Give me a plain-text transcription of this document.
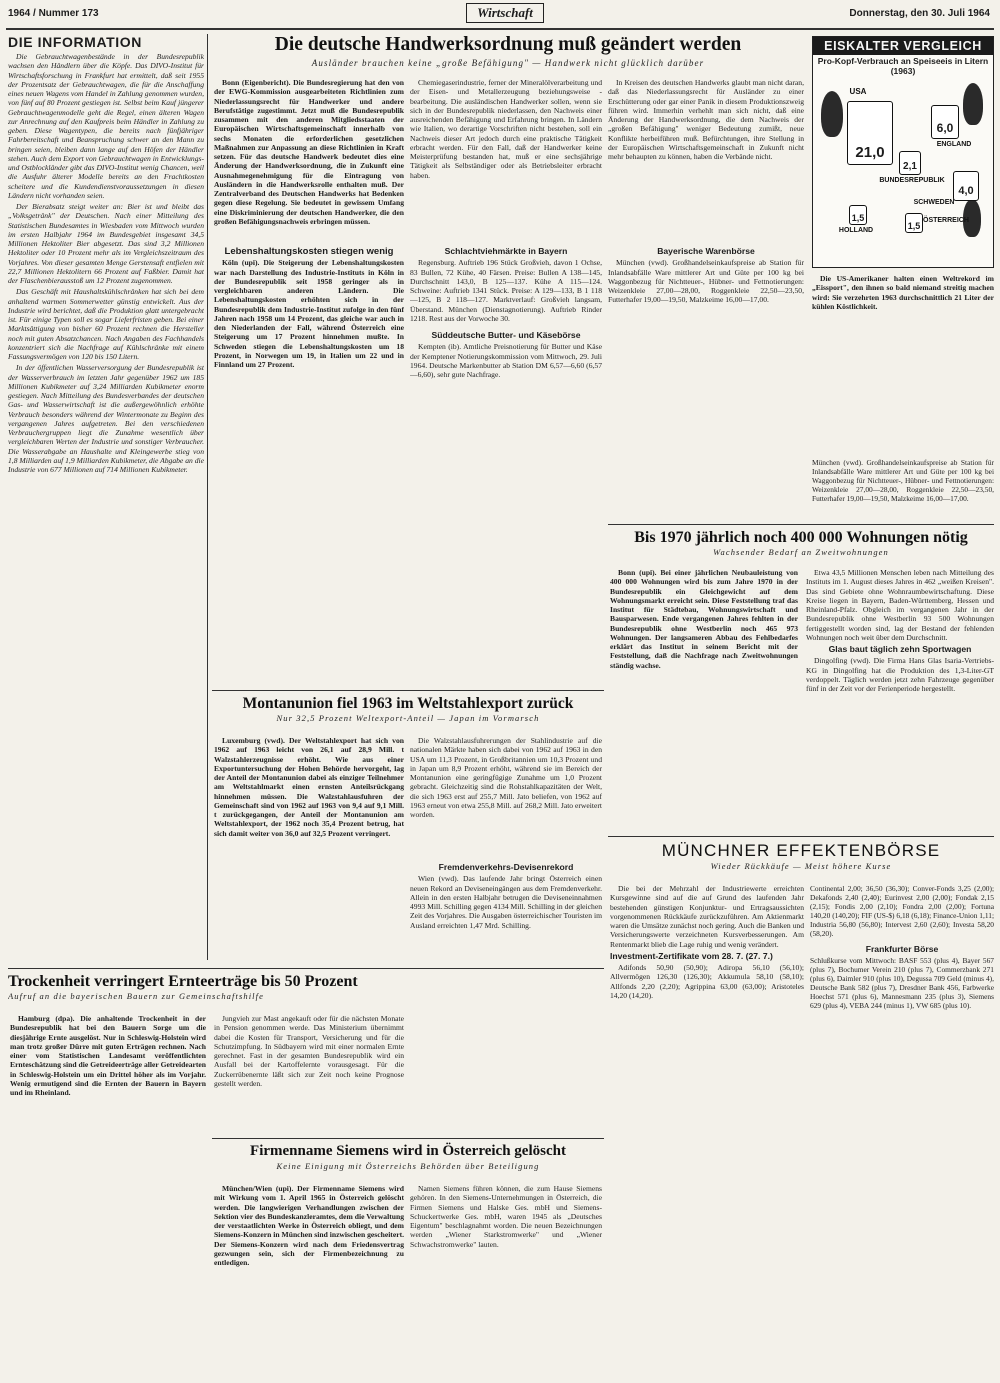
1964 / Nummer 173	Wirtschaft	Donnerstag, den 30. Juli 1964
DIE INFORMATION

Die Gebrauchtwagenbestände in der Bundesrepublik wachsen den Händlern über die Köpfe. Das DIVO-Institut für Wirtschaftsforschung in Frankfurt hat ermittelt, daß seit 1955 der Prozentsatz der Gebrauchtwagen, die für die Anschaffung eines neuen Wagens vom Handel in Zahlung genommen wurden, von fünf auf 80 Prozent gestiegen ist. Selbst beim Kauf jüngerer Gebrauchtwagenmodelle geht die Regel, einen älteren Wagen zur Anrechnung auf den Kaufpreis beim Händler in Zahlung zu geben. Diese Wagentypen, die bereits nach fünfjähriger Fahrbereitschaft und Beanspruchung schwer an den Mann zu bringen seien, bleiben dann lange auf den Höfen der Händler stehen. Auch dem Export von Gebrauchtwagen in Entwicklungs- und Ostblockländer gibt das DIVO-Institut wenig Chancen, weil die Ausfuhr älterer Modelle bereits an den Frachtkosten scheitere und die Kundendienstvoraussetzungen in diesen Ländern nicht vorhanden seien.

Der Bierabsatz steigt weiter an: Bier ist und bleibt das „Volksgetränk" der Deutschen. Nach einer Mitteilung des Statistischen Bundesamtes in Wiesbaden vom Mittwoch wurden im ersten Halbjahr 1964 im Bundesgebiet insgesamt 34,5 Millionen Hektoliter Bier abgesetzt. Das sind 3,2 Millionen Hektoliter oder 10 Prozent mehr als im Vergleichszeitraum des Vorjahres. Von dieser gesamten Menge Gerstensaft entfielen mit 22,7 Millionen Hektolitern 66 Prozent auf Faßbier. Damit hat der Flaschenbierausstoß um 12 Prozent zugenommen.

Das Geschäft mit Haushaltskühlschränken hat sich bei dem anhaltend warmen Sommerwetter günstig entwickelt. Aus der Industrie wird berichtet, daß die Produktion glatt untergebracht ist. Für einige Typen soll es sogar Lieferfristen geben. Bei einer Marktsättigung von bisher 60 Prozent rechnen die Hersteller noch mit guten Absatzchancen. Nach Angaben des Fachhandels konzentriert sich die Nachfrage auf Kühlschränke mit einem Fassungsvermögen von 120 bis 150 Litern.

In der öffentlichen Wasserversorgung der Bundesrepublik ist der Wasserverbrauch im letzten Jahr gegenüber 1962 um 185 Millionen Kubikmeter auf 3,24 Milliarden Kubikmeter enorm gestiegen. Nach Mitteilung des Bundesverbandes der deutschen Gas- und Wasserwirtschaft ist die außergewöhnlich erhöhte Verbrauch besonders während der Wintermonate zu Beginn des vergangenen Jahres aufgetreten. Bei den verschiedenen Verbrauchergruppen liegt die Zunahme wesentlich über vergleichbaren Werten der Industrie und sonstiger Verbraucher. Die Wasserabgabe an Haushalte und Kleingewerbe stieg von 1,8 Milliarden auf 1,9 Milliarden Kubikmeter, die Abgabe an die Industrie von 677 Millionen auf 714 Millionen Kubikmeter.

Die deutsche Handwerksordnung muß geändert werden
Ausländer brauchen keine „große Befähigung" — Handwerk nicht glücklich darüber

Bonn (Eigenbericht). Die Bundesregierung hat den von der EWG-Kommission ausgearbeiteten Richtlinien zum Niederlassungsrecht für Handwerker und andere Berufstätige zugestimmt. Jetzt muß die Bundesrepublik zusammen mit den anderen Mitgliedsstaaten der Europäischen Wirtschaftsgemeinschaft innerhalb von sechs Monaten die erforderlichen gesetzlichen Maßnahmen zur Anpassung an diese Richtlinien in Kraft setzen. Für das deutsche Handwerk bedeutet dies eine Änderung der Handwerksordnung, die in Zukunft eine Ausnahmegenehmigung für die Eintragung von Ausländern in die Handwerksrolle enthalten muß. Der Zentralverband des Deutschen Handwerks hat Bedenken gegen diese Regelung. Sie bedeutet in gewissem Umfang eine Diskriminierung der deutschen Handwerker, die den großen Befähigungsnachweis erbringen müssen.

Chemiegaserindustrie, ferner der Mineralölverarbeitung und der Eisen- und Metallerzeugung beziehungsweise -bearbeitung. Die ausländischen Handwerker sollen, wenn sie sich in der Bundesrepublik niederlassen, den Nachweis einer ausreichenden Befähigung und Erfahrung bringen. In Ländern wie Italien, wo derartige Vorschriften nicht bestehen, soll ein Nachweis dieser Art jedoch durch eine praktische Tätigkeit erbracht werden. Für den Fall, daß der Handwerker keine Meisterprüfung bestanden hat, muß er eine sechsjährige Tätigkeit als Selbständiger oder als Betriebsleiter erbracht haben.

In Kreisen des deutschen Handwerks glaubt man nicht daran, daß das Niederlassungsrecht für Ausländer zu einer Erschütterung oder gar einer Panik in diesem Produktionszweig führen wird. Immerhin verhehlt man sich nicht, daß eine Änderung der Handwerksordnung, die dem Nachweis der „großen Befähigung" weniger Bedeutung zumißt, neue Konflikte herbeiführen muß. Befürchtungen, ihre Stellung in der Europäischen Wirtschaftsgemeinschaft in Zukunft nicht mehr behaupten zu können, haben die Verbände nicht.

Lebenshaltungskosten stiegen wenig

Köln (upi). Die Steigerung der Lebenshaltungskosten war nach Darstellung des Industrie-Instituts in Köln in der Bundesrepublik seit 1958 geringer als in vergleichbaren anderen Ländern. Die Lebenshaltungskosten erhöhten sich in der Bundesrepublik dem Industrie-Institut zufolge in den fünf Jahren nach 1958 um 14 Prozent, das gleiche war auch in den Niederlanden der Fall, während Österreich eine Steigerung um 17 Prozent hinnehmen mußte. In Schweden stiegen die Lebenshaltungskosten um 18 Prozent, in Norwegen um 19, in Italien um 22 und in Finnland um 27 Prozent.

Schlachtviehmärkte in Bayern

Regensburg. Auftrieb 196 Stück Großvieh, davon 1 Ochse, 83 Bullen, 72 Kühe, 40 Färsen. Preise: Bullen A 138—145, Durchschnitt 143,0, B 125—137. Kühe A 115—124. Schweine: Auftrieb 1341 Stück. Preise: A 129—133, B 1 118—125, B 2 118—127. Marktverlauf: Großvieh langsam, Überstand. München (Dienstagnotierung). Auftrieb Rinder 1218. Rest aus der Vorwoche 30.

Süddeutsche Butter- und Käsebörse

Kempten (ib). Amtliche Preisnotierung für Butter und Käse der Kemptener Notierungskommission vom Mittwoch, 29. Juli 1964. Deutsche Markenbutter ab Station DM 6,57—6,60 (6,57—6,60), sehr gute Nachfrage.

Bayerische Warenbörse

München (vwd). Großhandelseinkaufspreise ab Station für Inlandsabfälle Ware mittlerer Art und Güte per 100 kg bei Waggonbezug für Nichtteuer-, Hübner- und Fettnotierungen: Weizenkleie 27,00—28,00, Roggenkleie 22,50—23,50, Futterhafer 19,00—19,50, Malzkeime 16,00—17,00.

EISKALTER VERGLEICH
Pro-Kopf-Verbrauch an Speiseeis in Litern (1963)
21,0
USA
6,0
ENGLAND
2,1
BUNDESREPUBLIK
4,0
SCHWEDEN
1,5
ÖSTERREICH
1,5
HOLLAND

Die US-Amerikaner halten einen Weltrekord im „Eissport", den ihnen so bald niemand streitig machen wird: Sie verzehrten 1963 durchschnittlich 21 Liter der kühlen Köstlichkeit.

München (vwd). Großhandelseinkaufspreise ab Station für Inlandsabfälle Ware mittlerer Art und Güte per 100 kg bei Waggonbezug für Nichtteuer-, Hübner- und Fettnotierungen: Weizenkleie 27,00—28,00, Roggenkleie 22,50—23,50, Futterhafer 19,00—19,50, Malzkeime 16,00—17,00.

Bis 1970 jährlich noch 400 000 Wohnungen nötig
Wachsender Bedarf an Zweitwohnungen

Bonn (upi). Bei einer jährlichen Neubauleistung von 400 000 Wohnungen wird bis zum Jahre 1970 in der Bundesrepublik ein Gleichgewicht auf dem Wohnungsmarkt erreicht sein. Diese Feststellung traf das Institut für Städtebau, Wohnungswirtschaft und Bausparwesen. Ende vergangenen Jahres fehlten in der Bundesrepublik ohne Westberlin noch 465 973 Wohnungen. Der langsameren Abbau des Fehlbedarfes erklärt das Institut in seinem Bericht mit der Feststellung, daß die Nachfrage nach Zweitwohnungen ständig wachse.

Etwa 43,5 Millionen Menschen leben nach Mitteilung des Instituts im 1. August dieses Jahres in 462 „weißen Kreisen". Das sind Gebiete ohne Wohnraumbewirtschaftung. Diese Kreise liegen in Bayern, Baden-Württemberg, Hessen und Rheinland-Pfalz. Obgleich im vergangenen Jahr in der Bundesrepublik ohne Westberlin 93 500 Wohnungen fertiggestellt worden sind, lag der Bestand der fehlenden Wohnungen noch weit über dem Durchschnitt.

Glas baut täglich zehn Sportwagen

Dingolfing (vwd). Die Firma Hans Glas Isaria-Vertriebs-KG in Dingolfing hat die Produktion des 1,3-Liter-GT verdoppelt. Täglich werden jetzt zehn Fahrzeuge gegenüber fünf in der Zeit vor der Ferienperiode hergestellt.

Montanunion fiel 1963 im Weltstahlexport zurück
Nur 32,5 Prozent Weltexport-Anteil — Japan im Vormarsch

Luxemburg (vwd). Der Weltstahlexport hat sich von 1962 auf 1963 leicht von 26,1 auf 28,9 Mill. t Walzstahlerzeugnisse erhöht. Wie aus einer Exportuntersuchung der Hohen Behörde hervorgeht, lag der Anteil der Montanunion dabei als einziger Teilnehmer am Weltstahlmarkt einen ernsten Anteilsrückgang hinnehmen müssen. Die Walzstahlausfuhren der Gemeinschaft sind von 1962 auf 1963 von 9,4 auf 9,1 Mill. t zurückgegangen, der Anteil der Montanunion am Weltstahlexport, der 1962 noch 35,4 Prozent betrug, hat sich damit weiter von 36,0 auf 32,5 Prozent verringert.

Die Walzstahlausfuhrerungen der Stahlindustrie auf die nationalen Märkte haben sich dabei von 1962 auf 1963 in den USA um 11,3 Prozent, in Großbritannien um 10,3 Prozent und in Japan um 8,9 Prozent erhöht, während sie im Bereich der Montanunion eine geringfügige Zunahme um 1,0 Prozent gebracht. Gleichzeitig sind die Rohstahlkapazitäten der Welt, die sich 1963 erst auf 255,7 Mill. Jato beliefen, von 1962 auf 1963 erneut von etwa 255,8 Mill. auf 268,2 Mill. Jato erweitert worden.

Fremdenverkehrs-Devisenrekord

Wien (vwd). Das laufende Jahr bringt Österreich einen neuen Rekord an Deviseneingängen aus dem Fremdenverkehr. Allein in den ersten Halbjahr betrugen die Deviseneinnahmen 4993 Mill. Schilling gegen 4134 Mill. Schilling in der gleichen Zeit des Vorjahres. Die Ausgaben österreichischer Touristen im Ausland erreichten 1,47 Mrd. Schilling.

MÜNCHNER EFFEKTENBÖRSE
Wieder Rückkäufe — Meist höhere Kurse

Die bei der Mehrzahl der Industriewerte erreichten Kursgewinne sind auf die auf Grund des laufenden Jahr bestehenden günstigen Konjunktur- und Ertragsaussichten vorgenommenen Rückkäufe zurückzuführen. Am Aktienmarkt waren die Umsätze zunächst noch gering. Auch die Banken und Versicherungswerte verzeichneten Kursverbesserungen. Am Rentenmarkt blieb die Lage ruhig und wenig verändert.

Investment-Zertifikate vom 28. 7. (27. 7.)

Adifonds 50,90 (50,90); Adiropa 56,10 (56,10); Allvermögen 126,30 (126,30); Akkumula 58,10 (58,10); Allfonds 2,20 (2,20); Agrippina 63,00 (63,00); Aristoteles 14,20 (14,20).

Continental 2,00; 36,50 (36,30); Conver-Fonds 3,25 (2,00); Dekafonds 2,40 (2,40); Eurinvest 2,00 (2,00); Fondak 2,15 (2,15); Fondis 2,00 (2,10); Fondra 2,00 (2,00); Fortuna 140,20 (140,20); FIF (US-$) 6,18 (6,18); Finance-Union 1,11; Industria 56,80 (56,80); Intervest 2,60 (2,60); Investa 58,20 (58,20).

Frankfurter Börse

Schlußkurse vom Mittwoch: BASF 553 (plus 4), Bayer 567 (plus 7), Bochumer Verein 210 (plus 7), Commerzbank 271 (plus 6), Daimler 910 (plus 10), Degussa 709 Geld (minus 4), Deutsche Bank 582 (plus 7), Dresdner Bank 456, Farbwerke Hoechst 571 (plus 6), Mannesmann 235 (plus 3), Siemens 629 (plus 4), VEBA 244 (minus 1), VW 685 (plus 10).

Trockenheit verringert Ernteerträge bis 50 Prozent
Aufruf an die bayerischen Bauern zur Gemeinschaftshilfe

Hamburg (dpa). Die anhaltende Trockenheit in der Bundesrepublik hat bei den Bauern Sorge um die diesjährige Ernte ausgelöst. Nur in Schleswig-Holstein wird man trotz großer Dürre mit guten Erträgen rechnen. Nach einer vom Statistischen Landesamt veröffentlichten Ernteschätzung sind die Getreideerträge aller Getreidearten in Schleswig-Holstein um ein Drittel höher als im Vorjahr. Wenig ermutigend sind die Ernten der Bauern in Bayern und im Rheinland.

Jungvieh zur Mast angekauft oder für die nächsten Monate in Pension genommen werde. Das Ministerium übernimmt dabei die Kosten für Transport, Versicherung und für die Schutzimpfung. In Südbayern wird mit einer normalen Ernte gerechnet. Fast in der gesamten Bundesrepublik wird ein Ausfall bei der Kartoffelernte vorausgesagt. Für die Zuckerrübenernte läßt sich zur Zeit noch keine Prognose gestellt werden.

Firmenname Siemens wird in Österreich gelöscht
Keine Einigung mit Österreichs Behörden über Beteiligung

München/Wien (upi). Der Firmenname Siemens wird mit Wirkung vom 1. April 1965 in Österreich gelöscht werden. Die langwierigen Verhandlungen zwischen der Sektion vier des Bundeskanzleramtes, dem die Verwaltung der verstaatlichten Werke in Österreich obliegt, und dem Siemens-Konzern in München sind inzwischen gescheitert. Der Siemens-Konzern wird nach dem Friedensvertrag gezwungen sein, sich der Firmenbezeichnung zu entledigen.

Namen Siemens führen können, die zum Hause Siemens gehören. In den Siemens-Unternehmungen in Österreich, die Firmen Siemens und Halske Ges. mbH und Siemens-Schuckertwerke Ges. mbH, waren 1945 als „Deutsches Eigentum" beschlagnahmt worden. Die neuen Bezeichnungen werden „Wiener Starkstromwerke" und „Wiener Schwachstromwerke" lauten.
